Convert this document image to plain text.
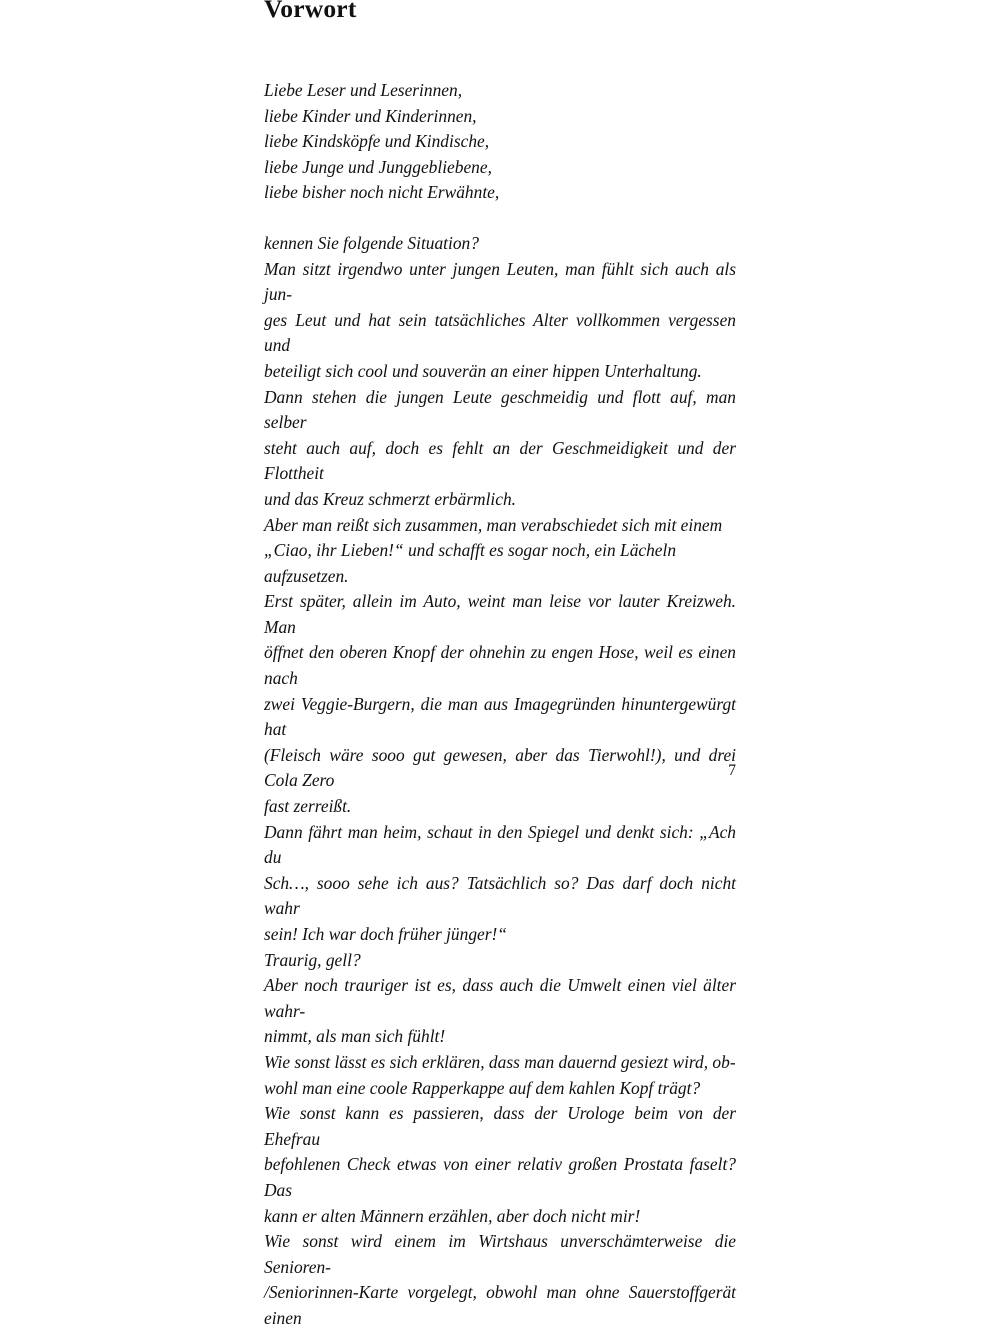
Vorwort
Liebe Leser und Leserinnen,
liebe Kinder und Kinderinnen,
liebe Kindsköpfe und Kindische,
liebe Junge und Junggebliebene,
liebe bisher noch nicht Erwähnte,
kennen Sie folgende Situation?
Man sitzt irgendwo unter jungen Leuten, man fühlt sich auch als jun-
ges Leut und hat sein tatsächliches Alter vollkommen vergessen und
beteiligt sich cool und souverän an einer hippen Unterhaltung.
Dann stehen die jungen Leute geschmeidig und flott auf, man selber
steht auch auf, doch es fehlt an der Geschmeidigkeit und der Flottheit
und das Kreuz schmerzt erbärmlich.
Aber man reißt sich zusammen, man verabschiedet sich mit einem
„Ciao, ihr Lieben!“ und schafft es sogar noch, ein Lächeln aufzusetzen.
Erst später, allein im Auto, weint man leise vor lauter Kreizweh. Man
öffnet den oberen Knopf der ohnehin zu engen Hose, weil es einen nach
zwei Veggie-Burgern, die man aus Imagegründen hinuntergewürgt hat
(Fleisch wäre sooo gut gewesen, aber das Tierwohl!), und drei Cola Zero
fast zerreißt.
Dann fährt man heim, schaut in den Spiegel und denkt sich: „Ach du
Sch…, sooo sehe ich aus? Tatsächlich so? Das darf doch nicht wahr
sein! Ich war doch früher jünger!“
Traurig, gell?
Aber noch trauriger ist es, dass auch die Umwelt einen viel älter wahr-
nimmt, als man sich fühlt!
Wie sonst lässt es sich erklären, dass man dauernd gesiezt wird, ob-
wohl man eine coole Rapperkappe auf dem kahlen Kopf trägt?
Wie sonst kann es passieren, dass der Urologe beim von der Ehefrau
befohlenen Check etwas von einer relativ großen Prostata faselt? Das
kann er alten Männern erzählen, aber doch nicht mir!
Wie sonst wird einem im Wirtshaus unverschämterweise die Senioren-
/Seniorinnen-Karte vorgelegt, obwohl man ohne Sauerstoffgerät einen
7
